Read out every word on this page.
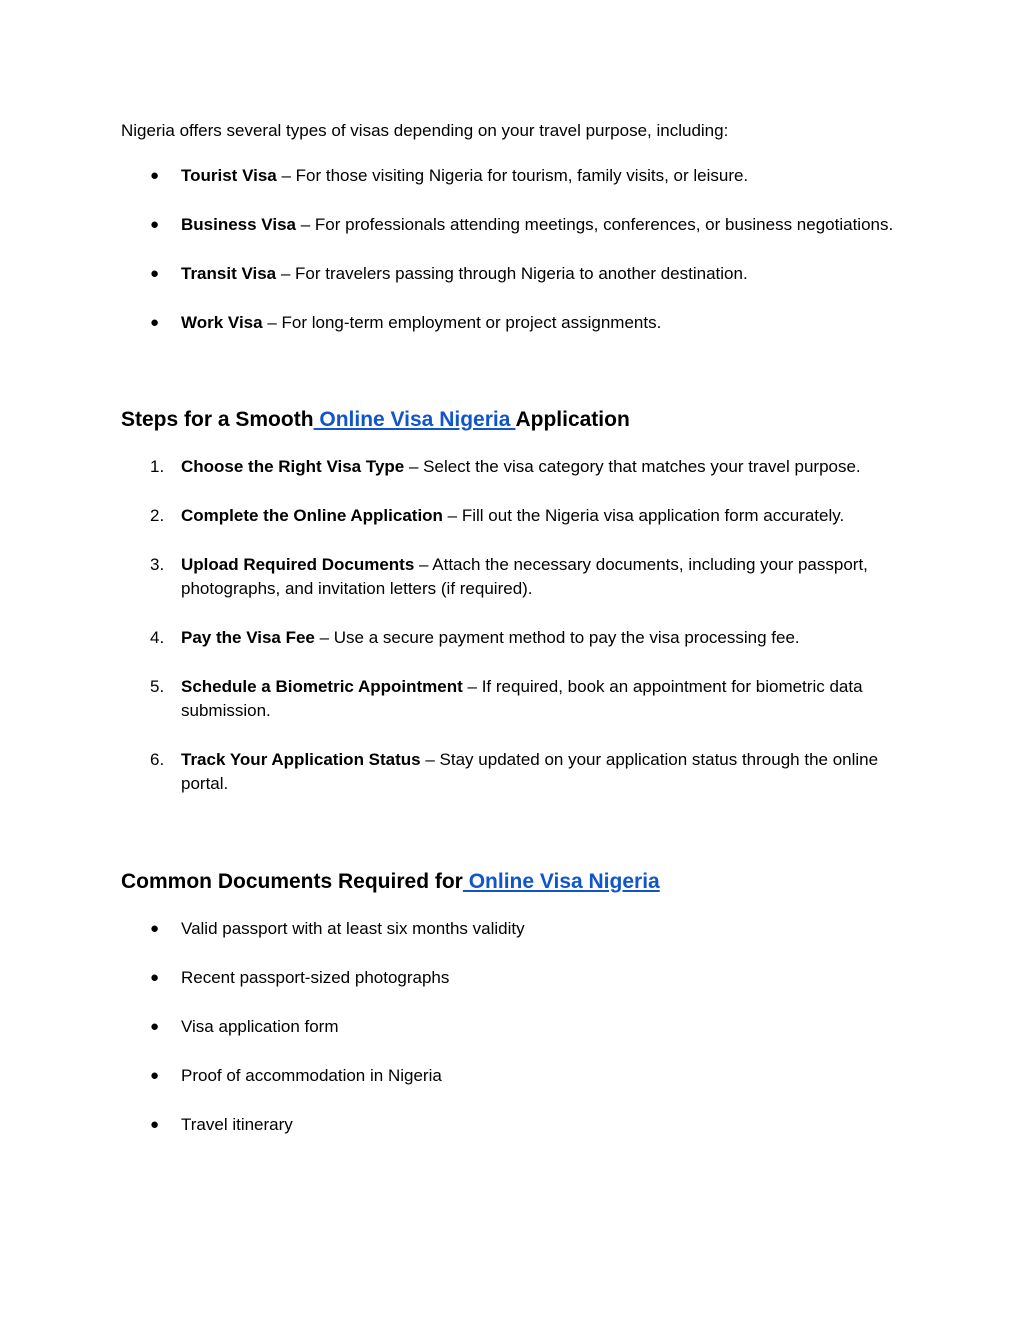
Nigeria offers several types of visas depending on your travel purpose, including:

●	Tourist Visa – For those visiting Nigeria for tourism, family visits, or leisure.
●	Business Visa – For professionals attending meetings, conferences, or business negotiations.
●	Transit Visa – For travelers passing through Nigeria to another destination.
●	Work Visa – For long-term employment or project assignments.
Steps for a Smooth Online Visa Nigeria Application
1. Choose the Right Visa Type – Select the visa category that matches your travel purpose.
2. Complete the Online Application – Fill out the Nigeria visa application form accurately.
3. Upload Required Documents – Attach the necessary documents, including your passport, photographs, and invitation letters (if required).
4. Pay the Visa Fee – Use a secure payment method to pay the visa processing fee.
5. Schedule a Biometric Appointment – If required, book an appointment for biometric data submission.
6. Track Your Application Status – Stay updated on your application status through the online portal.
Common Documents Required for Online Visa Nigeria
●	Valid passport with at least six months validity
●	Recent passport-sized photographs
●	Visa application form
●	Proof of accommodation in Nigeria
●	Travel itinerary
